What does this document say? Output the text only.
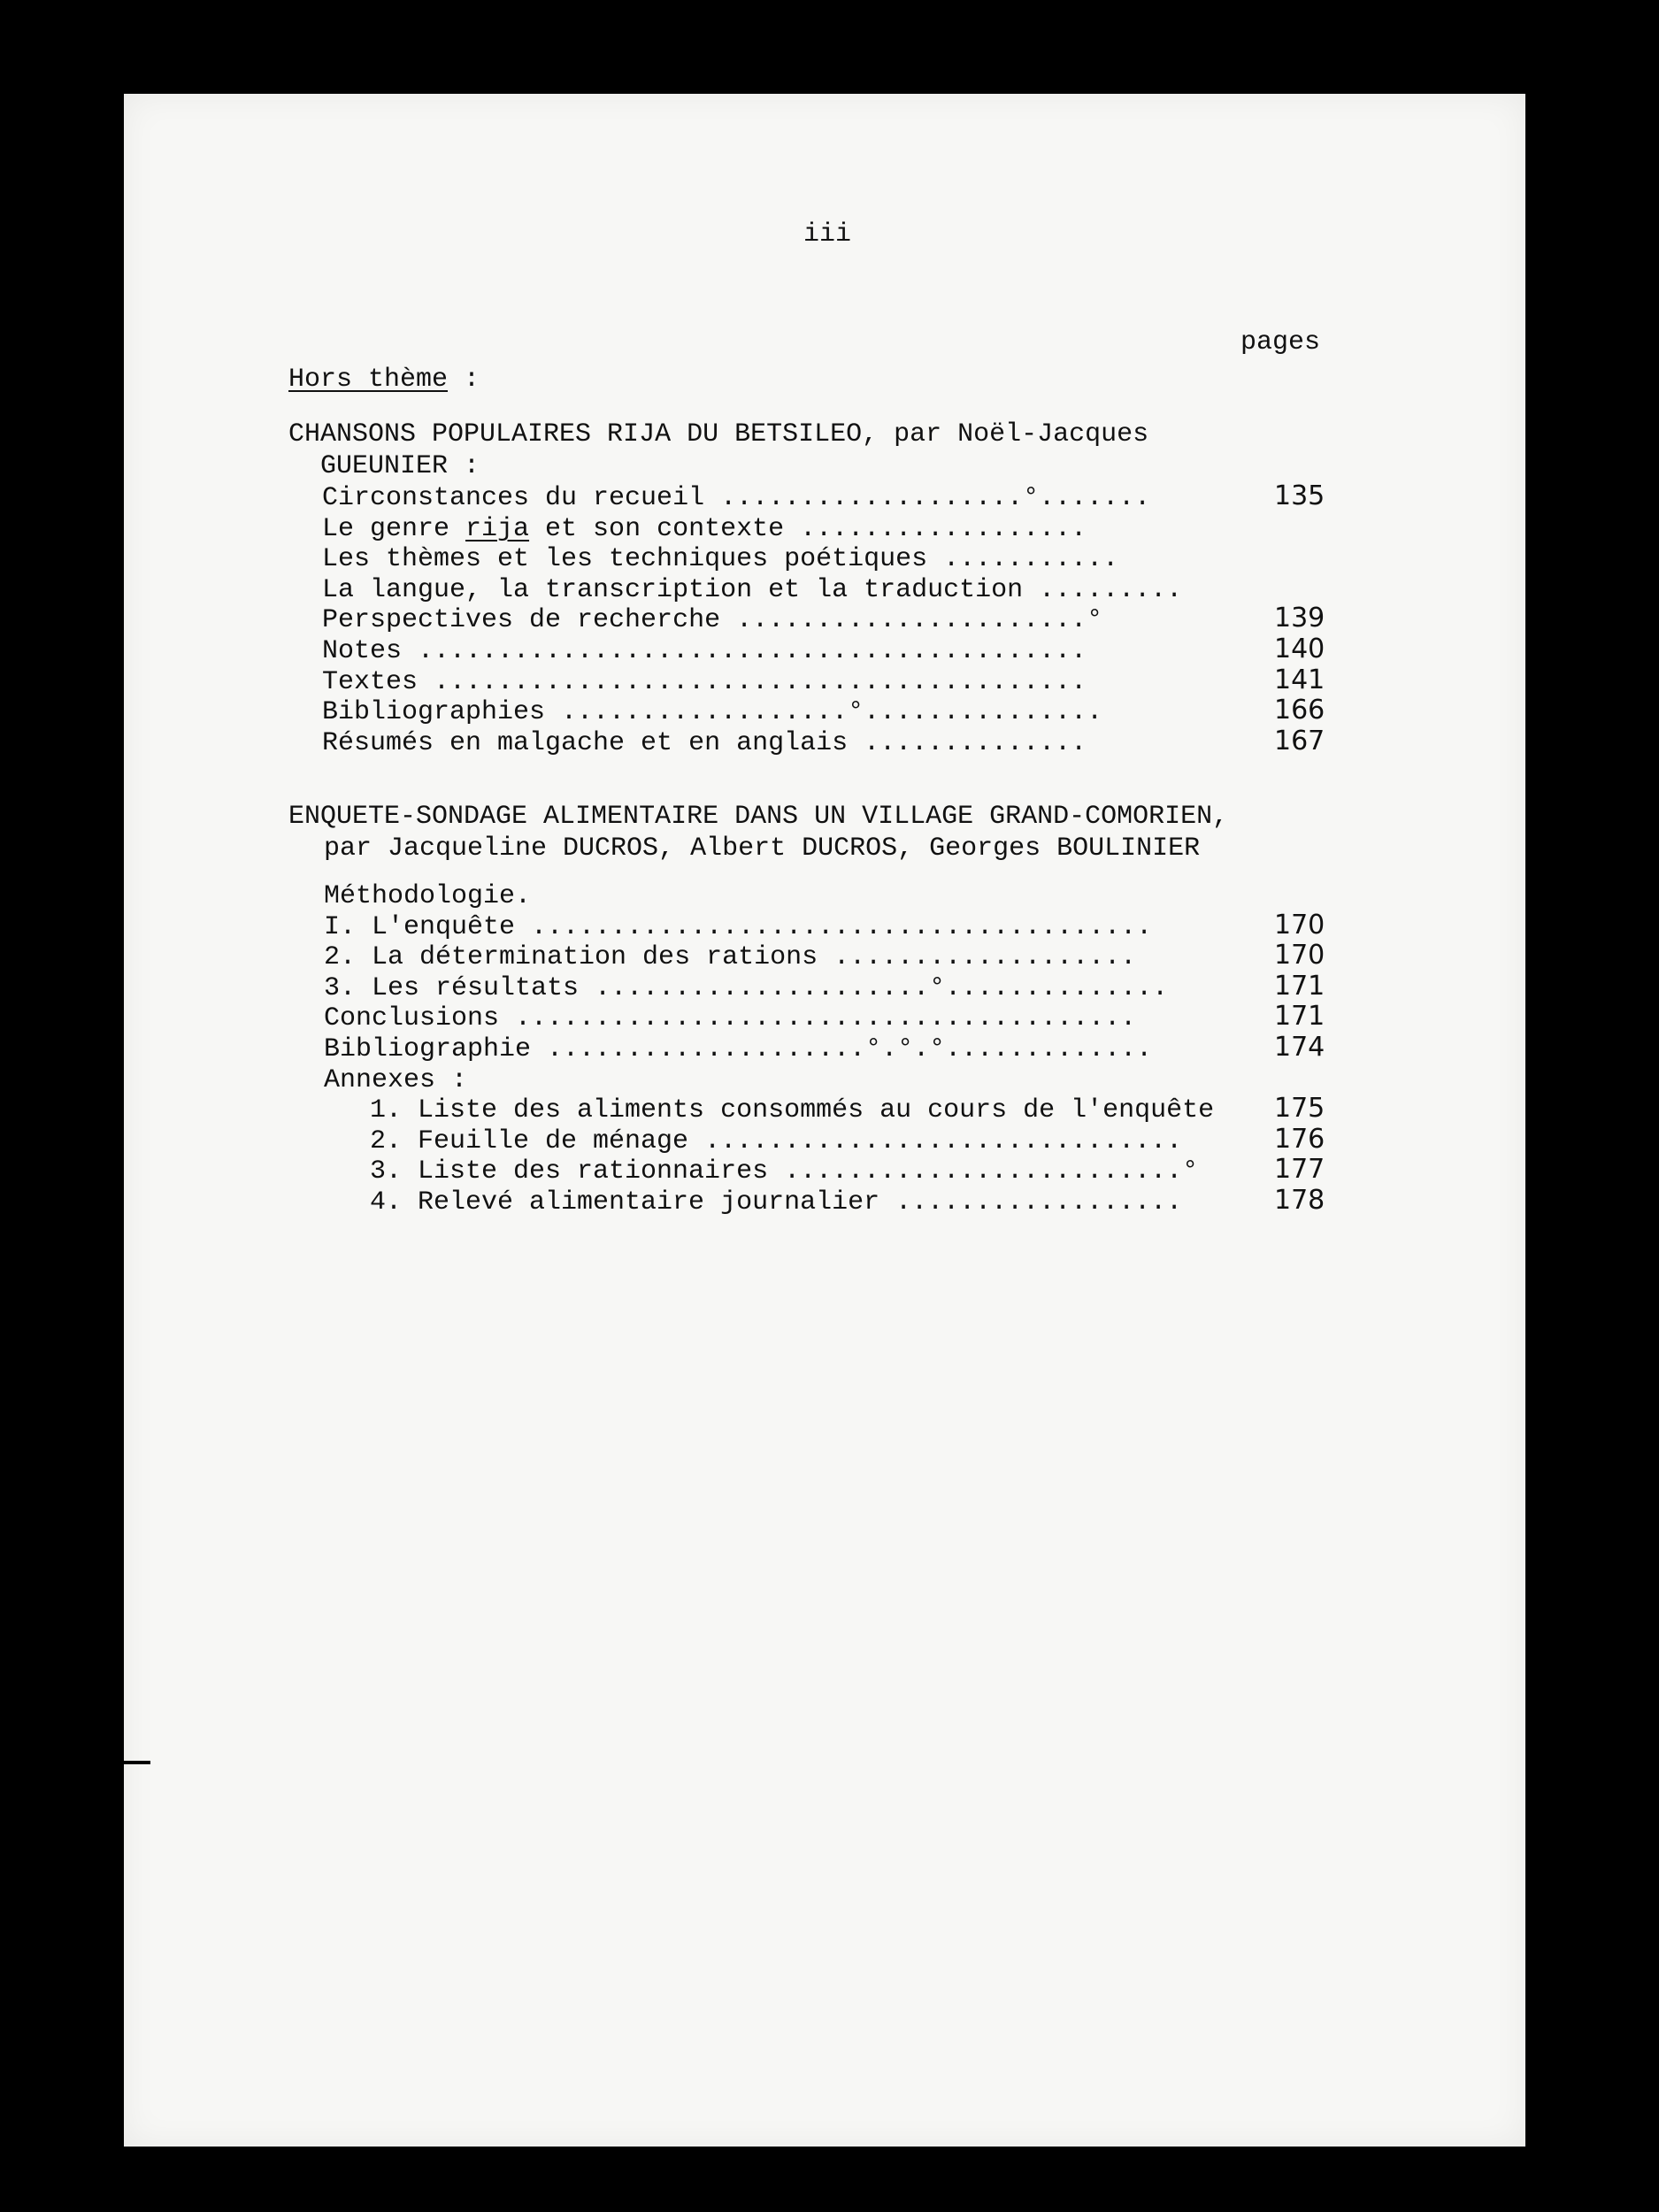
iii
pages
Hors thème :
CHANSONS POPULAIRES RIJA DU BETSILEO, par Noël-Jacques
GUEUNIER :
Circonstances du recueil ...................°.......	135
Le genre rija et son contexte ..................
Les thèmes et les techniques poétiques ...........
La langue, la transcription et la traduction .........
Perspectives de recherche ......................°	139
Notes ..........................................	140
Textes .........................................	141
Bibliographies ..................°...............	166
Résumés en malgache et en anglais ..............	167
ENQUETE-SONDAGE ALIMENTAIRE DANS UN VILLAGE GRAND-COMORIEN,
par Jacqueline DUCROS, Albert DUCROS, Georges BOULINIER
Méthodologie.
I. L'enquête .......................................	170
2. La détermination des rations ...................	170
3. Les résultats .....................°..............	171
Conclusions .......................................	171
Bibliographie ....................°.°.°.............	174
Annexes :
1. Liste des aliments consommés au cours de l'enquête 175
2. Feuille de ménage ..............................	176
3. Liste des rationnaires .........................°	177
4. Relevé alimentaire journalier ..................	178
